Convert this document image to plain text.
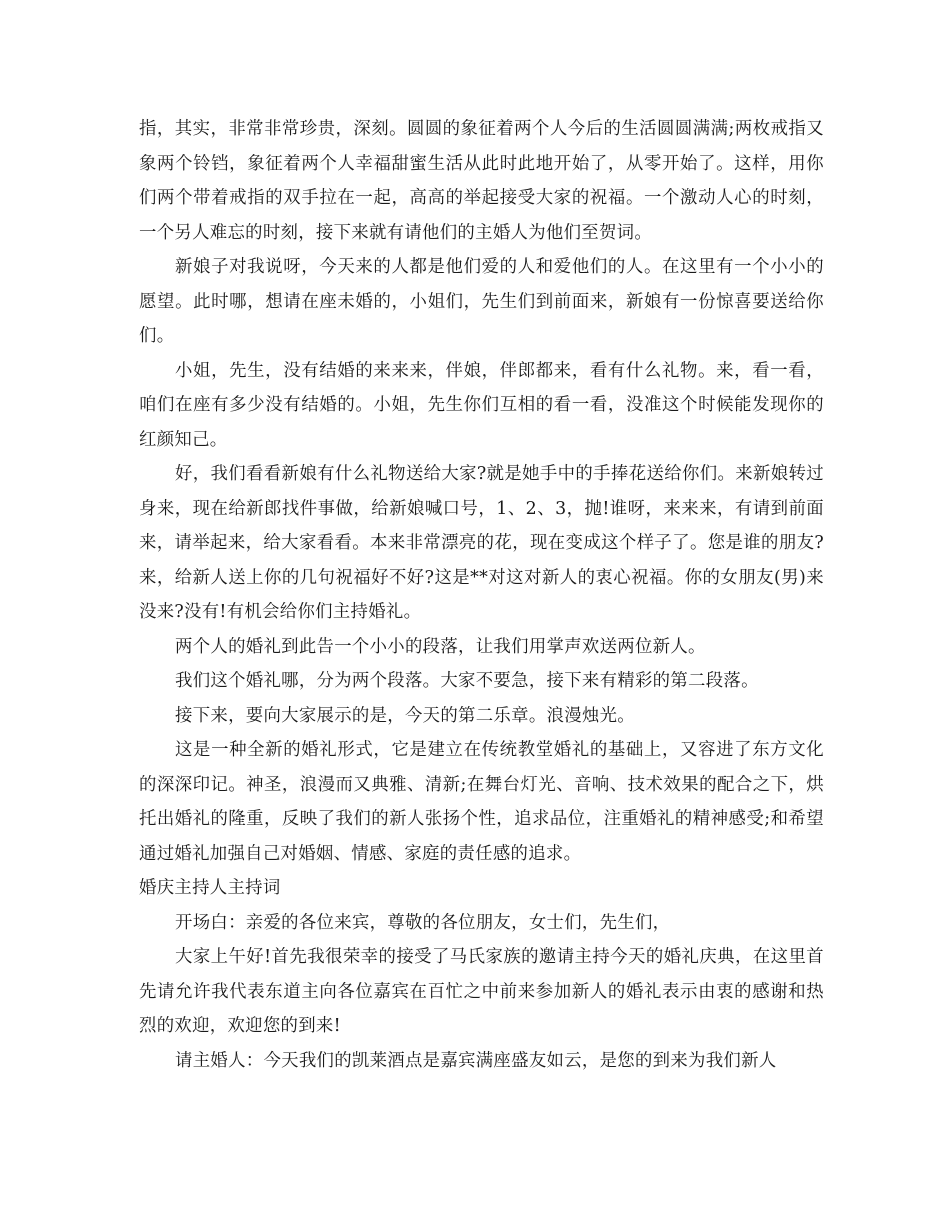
指，其实，非常非常珍贵，深刻。圆圆的象征着两个人今后的生活圆圆满满;两枚戒指又象两个铃铛，象征着两个人幸福甜蜜生活从此时此地开始了，从零开始了。这样，用你们两个带着戒指的双手拉在一起，高高的举起接受大家的祝福。一个激动人心的时刻，一个另人难忘的时刻，接下来就有请他们的主婚人为他们至贺词。

新娘子对我说呀，今天来的人都是他们爱的人和爱他们的人。在这里有一个小小的愿望。此时哪，想请在座未婚的，小姐们，先生们到前面来，新娘有一份惊喜要送给你们。

小姐，先生，没有结婚的来来来，伴娘，伴郎都来，看有什么礼物。来，看一看，咱们在座有多少没有结婚的。小姐，先生你们互相的看一看，没准这个时候能发现你的红颜知己。

好，我们看看新娘有什么礼物送给大家?就是她手中的手捧花送给你们。来新娘转过身来，现在给新郎找件事做，给新娘喊口号，1、2、3，抛!谁呀，来来来，有请到前面来，请举起来，给大家看看。本来非常漂亮的花，现在变成这个样子了。您是谁的朋友?来，给新人送上你的几句祝福好不好?这是**对这对新人的衷心祝福。你的女朋友(男)来没来?没有!有机会给你们主持婚礼。

两个人的婚礼到此告一个小小的段落，让我们用掌声欢送两位新人。

我们这个婚礼哪，分为两个段落。大家不要急，接下来有精彩的第二段落。

接下来，要向大家展示的是，今天的第二乐章。浪漫烛光。

这是一种全新的婚礼形式，它是建立在传统教堂婚礼的基础上，又容进了东方文化的深深印记。神圣，浪漫而又典雅、清新;在舞台灯光、音响、技术效果的配合之下，烘托出婚礼的隆重，反映了我们的新人张扬个性，追求品位，注重婚礼的精神感受;和希望通过婚礼加强自己对婚姻、情感、家庭的责任感的追求。

婚庆主持人主持词

开场白：亲爱的各位来宾，尊敬的各位朋友，女士们，先生们，

大家上午好!首先我很荣幸的接受了马氏家族的邀请主持今天的婚礼庆典，在这里首先请允许我代表东道主向各位嘉宾在百忙之中前来参加新人的婚礼表示由衷的感谢和热烈的欢迎，欢迎您的到来!

请主婚人：今天我们的凯莱酒点是嘉宾满座盛友如云，是您的到来为我们新人
